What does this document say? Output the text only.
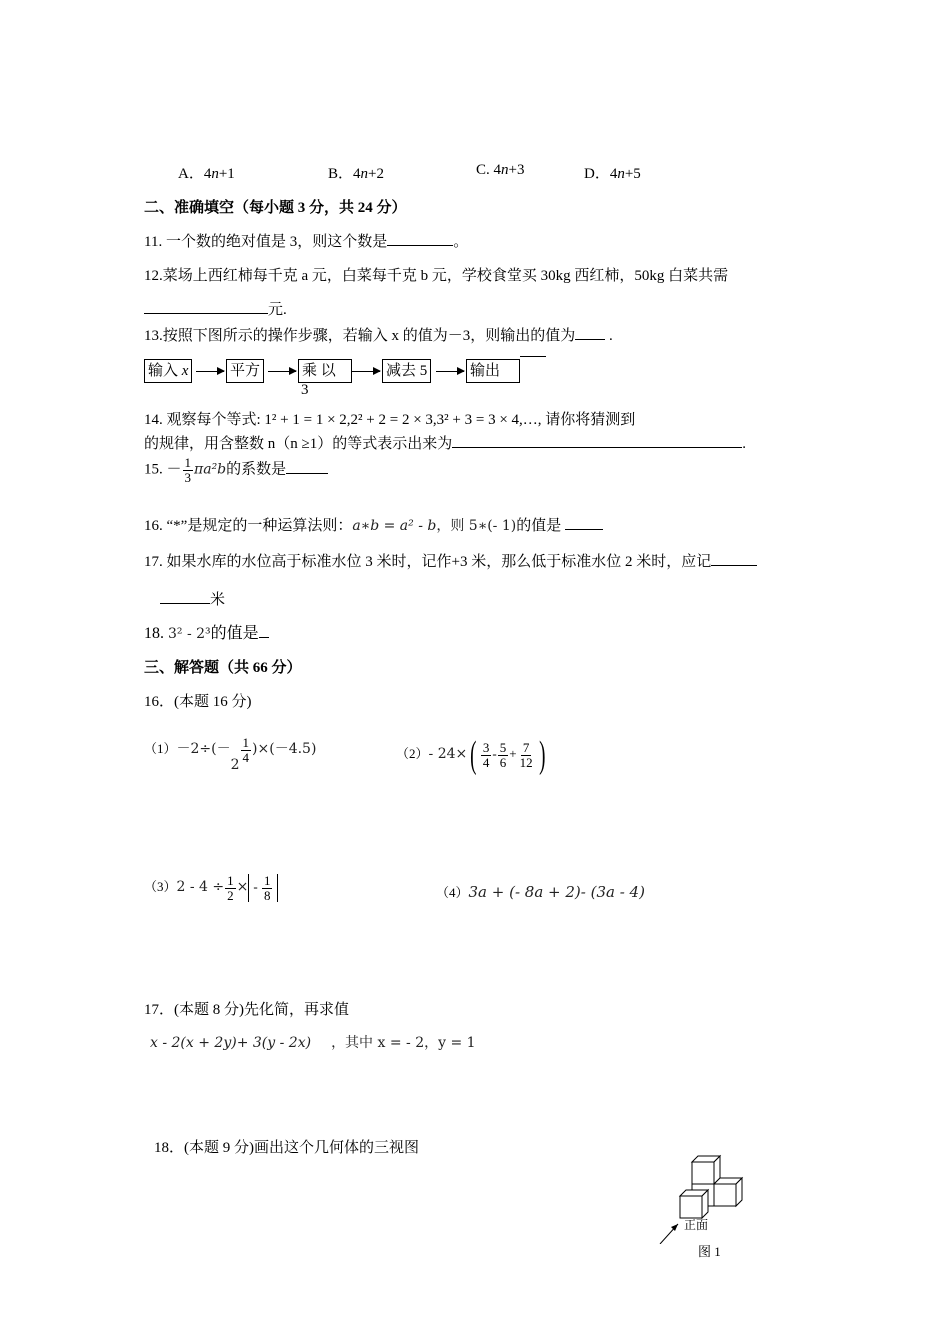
A．4n+1	B．4n+2	C. 4n+3	D．4n+5
二、准确填空（每小题 3 分，共 24 分）
11. 一个数的绝对值是 3，则这个数是	。
12.菜场上西红柿每千克 a 元，白菜每千克 b 元，学校食堂买 30kg 西红柿，50kg 白菜共需
元.
13.按照下图所示的操作步骤，若输入 x 的值为－3，则输出的值为 .
输入 x	平方	乘 以
3
减去 5	输出
14. 观察每个等式: 1² + 1 = 1 × 2,2² + 2 = 2 × 3,3² + 3 = 3 × 4,…, 请你将猜测到
的规律，用含整数 n（n ≥1）的等式表示出来为	.
15. － $\frac{1}{3} \pi a^2b$的系数是
16. “*”是规定的一种运算法则：a∗b = a² - b，则 5∗(- 1)的值是
17. 如果水库的水位高于标准水位 3 米时，记作+3 米，那么低于标准水位 2 米时，应记
米
18. 3² - 2³的值是
三、解答题（共 66 分）
16．(本题 16 分)
（1）－2÷(－2
$\frac{1}{4} )\times(-4.5)$	（2）- $24\times( \frac{3}{4} - \frac{5}{6} + \frac{7}{12}$ )
$(3)2 - 4 \div \frac{1}{2}$ × - $\frac{1}{8}$	（4）3a + (- 8a + 2)- (3a - 4)
17．(本题 8 分)先化简，再求值
x - 2(x + 2y)+ 3(y - 2x) ，其中 x = - 2，y = 1
18．(本题 9 分)画出这个几何体的三视图
正面
图 1
